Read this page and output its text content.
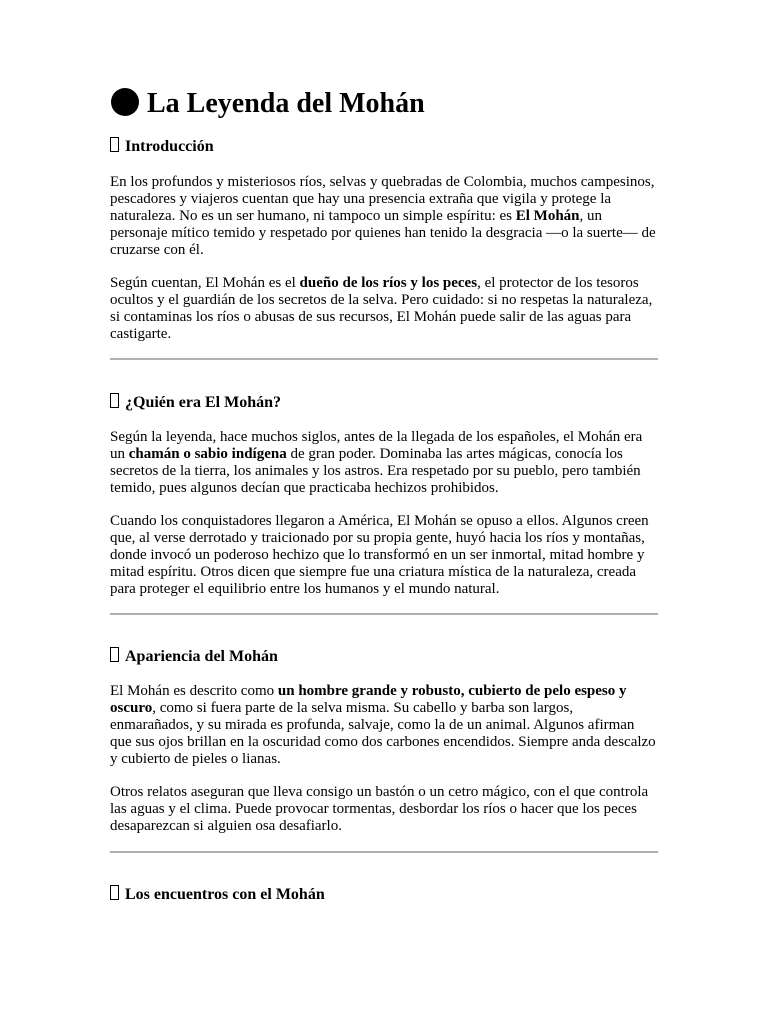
La Leyenda del Mohán
Introducción

En los profundos y misteriosos ríos, selvas y quebradas de Colombia, muchos campesinos, pescadores y viajeros cuentan que hay una presencia extraña que vigila y protege la naturaleza. No es un ser humano, ni tampoco un simple espíritu: es El Mohán, un personaje mítico temido y respetado por quienes han tenido la desgracia —o la suerte— de cruzarse con él.

Según cuentan, El Mohán es el dueño de los ríos y los peces, el protector de los tesoros ocultos y el guardián de los secretos de la selva. Pero cuidado: si no respetas la naturaleza, si contaminas los ríos o abusas de sus recursos, El Mohán puede salir de las aguas para castigarte.

¿Quién era El Mohán?

Según la leyenda, hace muchos siglos, antes de la llegada de los españoles, el Mohán era un chamán o sabio indígena de gran poder. Dominaba las artes mágicas, conocía los secretos de la tierra, los animales y los astros. Era respetado por su pueblo, pero también temido, pues algunos decían que practicaba hechizos prohibidos.

Cuando los conquistadores llegaron a América, El Mohán se opuso a ellos. Algunos creen que, al verse derrotado y traicionado por su propia gente, huyó hacia los ríos y montañas, donde invocó un poderoso hechizo que lo transformó en un ser inmortal, mitad hombre y mitad espíritu. Otros dicen que siempre fue una criatura mística de la naturaleza, creada para proteger el equilibrio entre los humanos y el mundo natural.

Apariencia del Mohán

El Mohán es descrito como un hombre grande y robusto, cubierto de pelo espeso y oscuro, como si fuera parte de la selva misma. Su cabello y barba son largos, enmarañados, y su mirada es profunda, salvaje, como la de un animal. Algunos afirman que sus ojos brillan en la oscuridad como dos carbones encendidos. Siempre anda descalzo y cubierto de pieles o lianas.

Otros relatos aseguran que lleva consigo un bastón o un cetro mágico, con el que controla las aguas y el clima. Puede provocar tormentas, desbordar los ríos o hacer que los peces desaparezcan si alguien osa desafiarlo.

Los encuentros con el Mohán
